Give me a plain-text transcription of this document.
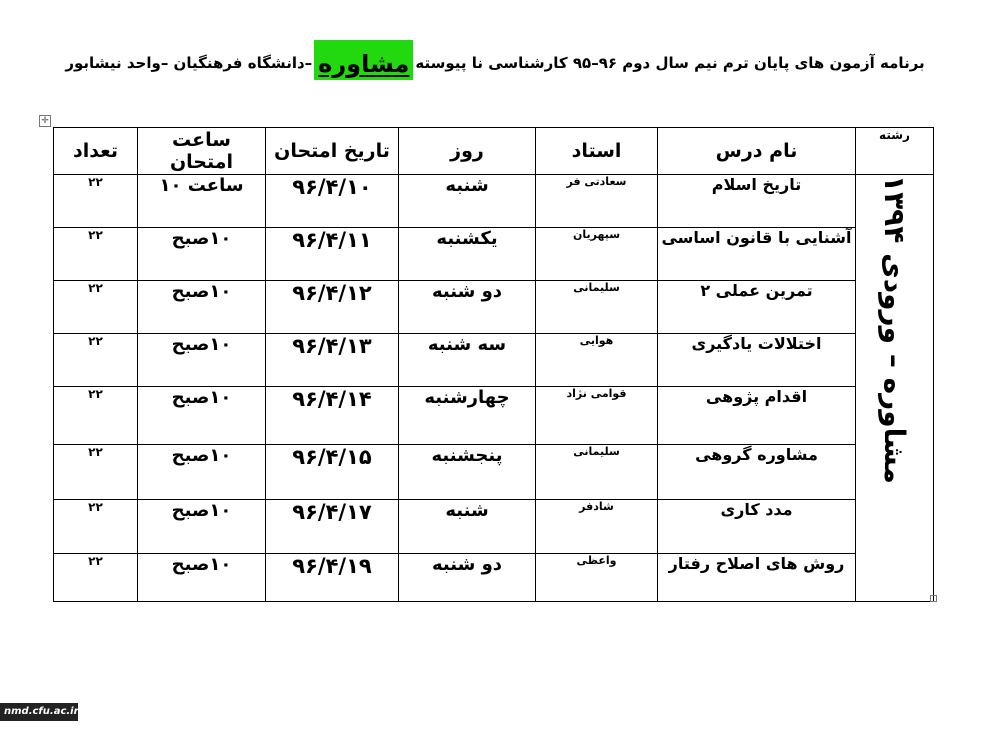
برنامه آزمون های پایان ترم نیم سال دوم ۹۶–۹۵ کارشناسی نا پیوسته
مشاوره
–دانشگاه فرهنگیان –واحد نیشابور
✛
رشته	نام درس	استاد	روز	تاریخ امتحان	ساعت امتحان	تعداد
مشاوره – ورودی ۱۳۹۴	تاریخ اسلام	سعادتی فر	شنبه	۹۶/۴/۱۰	ساعت ۱۰	۲۲
	آشنایی با قانون اساسی	سپهریان	یکشنبه	۹۶/۴/۱۱	۱۰صبح	۲۲
	تمرین عملی ۲	سلیمانی	دو شنبه	۹۶/۴/۱۲	۱۰صبح	۲۲
	اختلالات یادگیری	هوایی	سه شنبه	۹۶/۴/۱۳	۱۰صبح	۲۲
	اقدام پژوهی	قوامی نژاد	چهارشنبه	۹۶/۴/۱۴	۱۰صبح	۲۲
	مشاوره گروهی	سلیمانی	پنجشنبه	۹۶/۴/۱۵	۱۰صبح	۲۲
	مدد کاری	شادفر	شنبه	۹۶/۴/۱۷	۱۰صبح	۲۲
	روش های اصلاح رفتار	واعظی	دو شنبه	۹۶/۴/۱۹	۱۰صبح	۲۲
nmd.cfu.ac.ir
